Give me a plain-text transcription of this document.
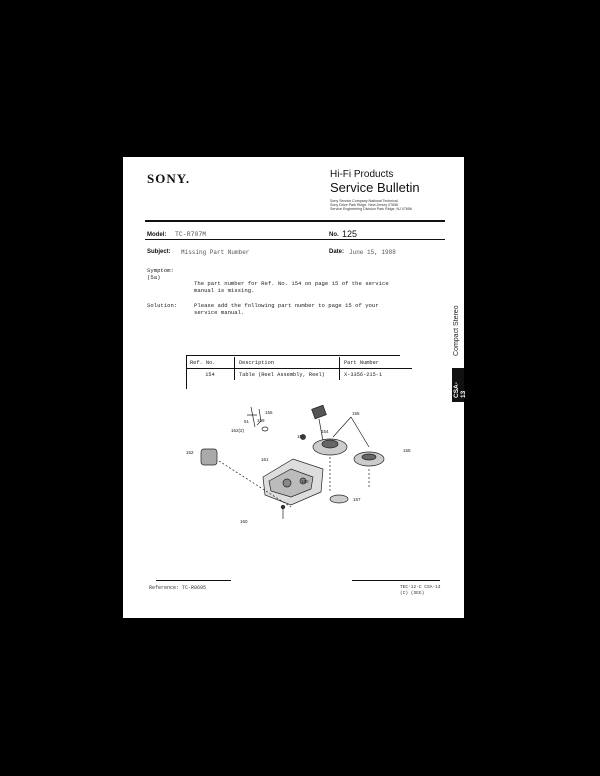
SONY.	Hi-Fi Products
Service Bulletin
Sony Service Company National Technical
Sony Drive Park Ridge, New Jersey 07656
Service Engineering Division Park Ridge, NJ 07656
Model: TC-R707M	No. 125
Subject: Missing Part Number	Date: June 15, 1988
Symptom:
(5a)
The part number for Ref. No. 154 on page 15 of the service
manual is missing.
Solution:	Please add the following part number to page 15 of your
service manual.
Ref. No.	Description	Part Number
154	Table (Reel Assembly, Reel)	X-3356-215-1
51 159
155
162(2)
156
154
155
155
161
152
160
157
160
Reference: TC-R0695	TEC-12-C CSA-13
(C) (SEG)
Compact Stereo
CSA-13
